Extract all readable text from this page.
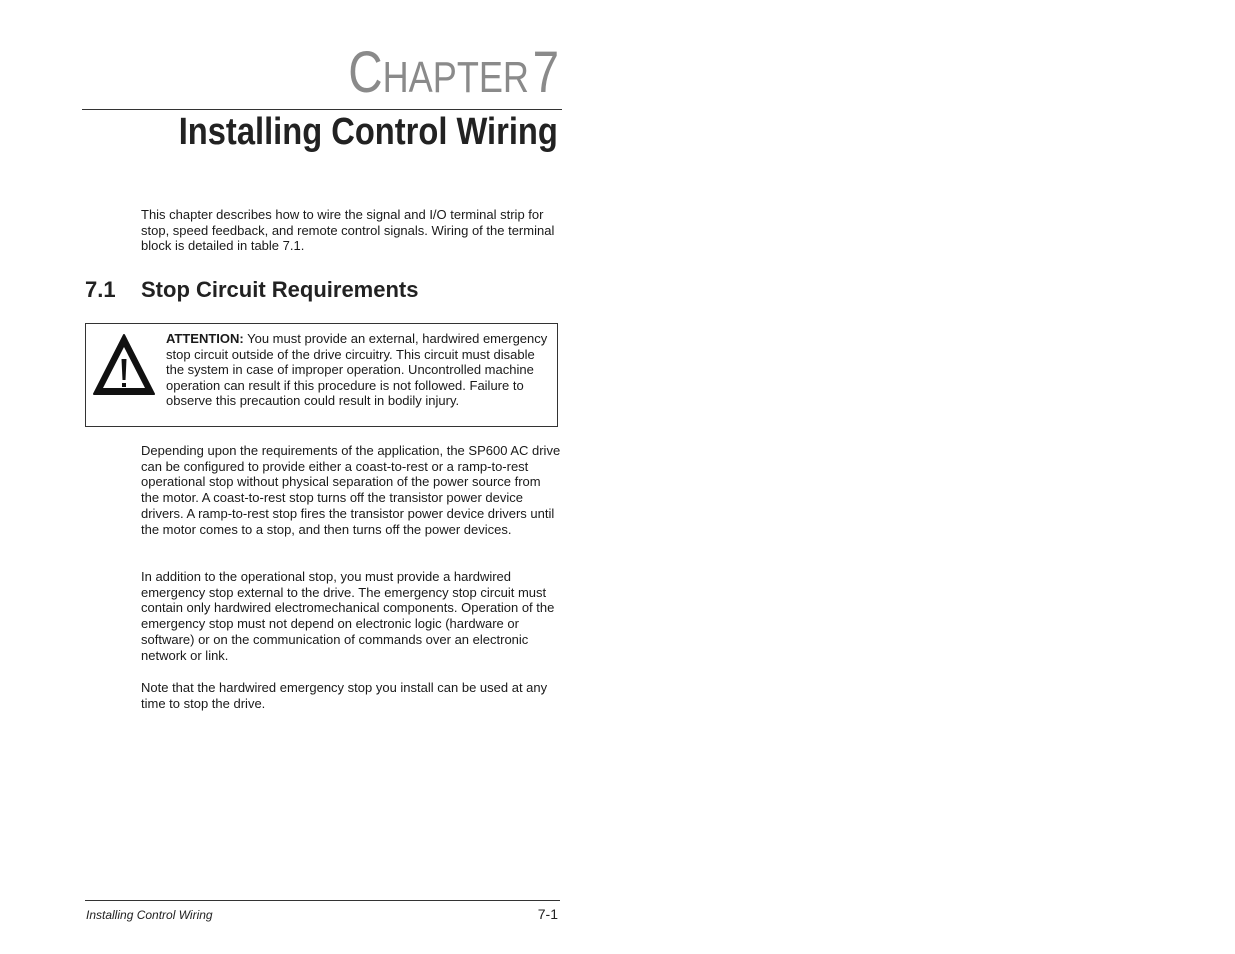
CHAPTER 7
Installing Control Wiring

This chapter describes how to wire the signal and I/O terminal strip for stop, speed feedback, and remote control signals. Wiring of the terminal block is detailed in table 7.1.

7.1 Stop Circuit Requirements
ATTENTION: You must provide an external, hardwired emergency stop circuit outside of the drive circuitry. This circuit must disable the system in case of improper operation. Uncontrolled machine operation can result if this procedure is not followed. Failure to observe this precaution could result in bodily injury.

Depending upon the requirements of the application, the SP600 AC drive can be configured to provide either a coast-to-rest or a ramp-to-rest operational stop without physical separation of the power source from the motor. A coast-to-rest stop turns off the transistor power device drivers. A ramp-to-rest stop fires the transistor power device drivers until the motor comes to a stop, and then turns off the power devices.

In addition to the operational stop, you must provide a hardwired emergency stop external to the drive. The emergency stop circuit must contain only hardwired electromechanical components. Operation of the emergency stop must not depend on electronic logic (hardware or software) or on the communication of commands over an electronic network or link.

Note that the hardwired emergency stop you install can be used at any time to stop the drive.

Installing Control Wiring	7-1
